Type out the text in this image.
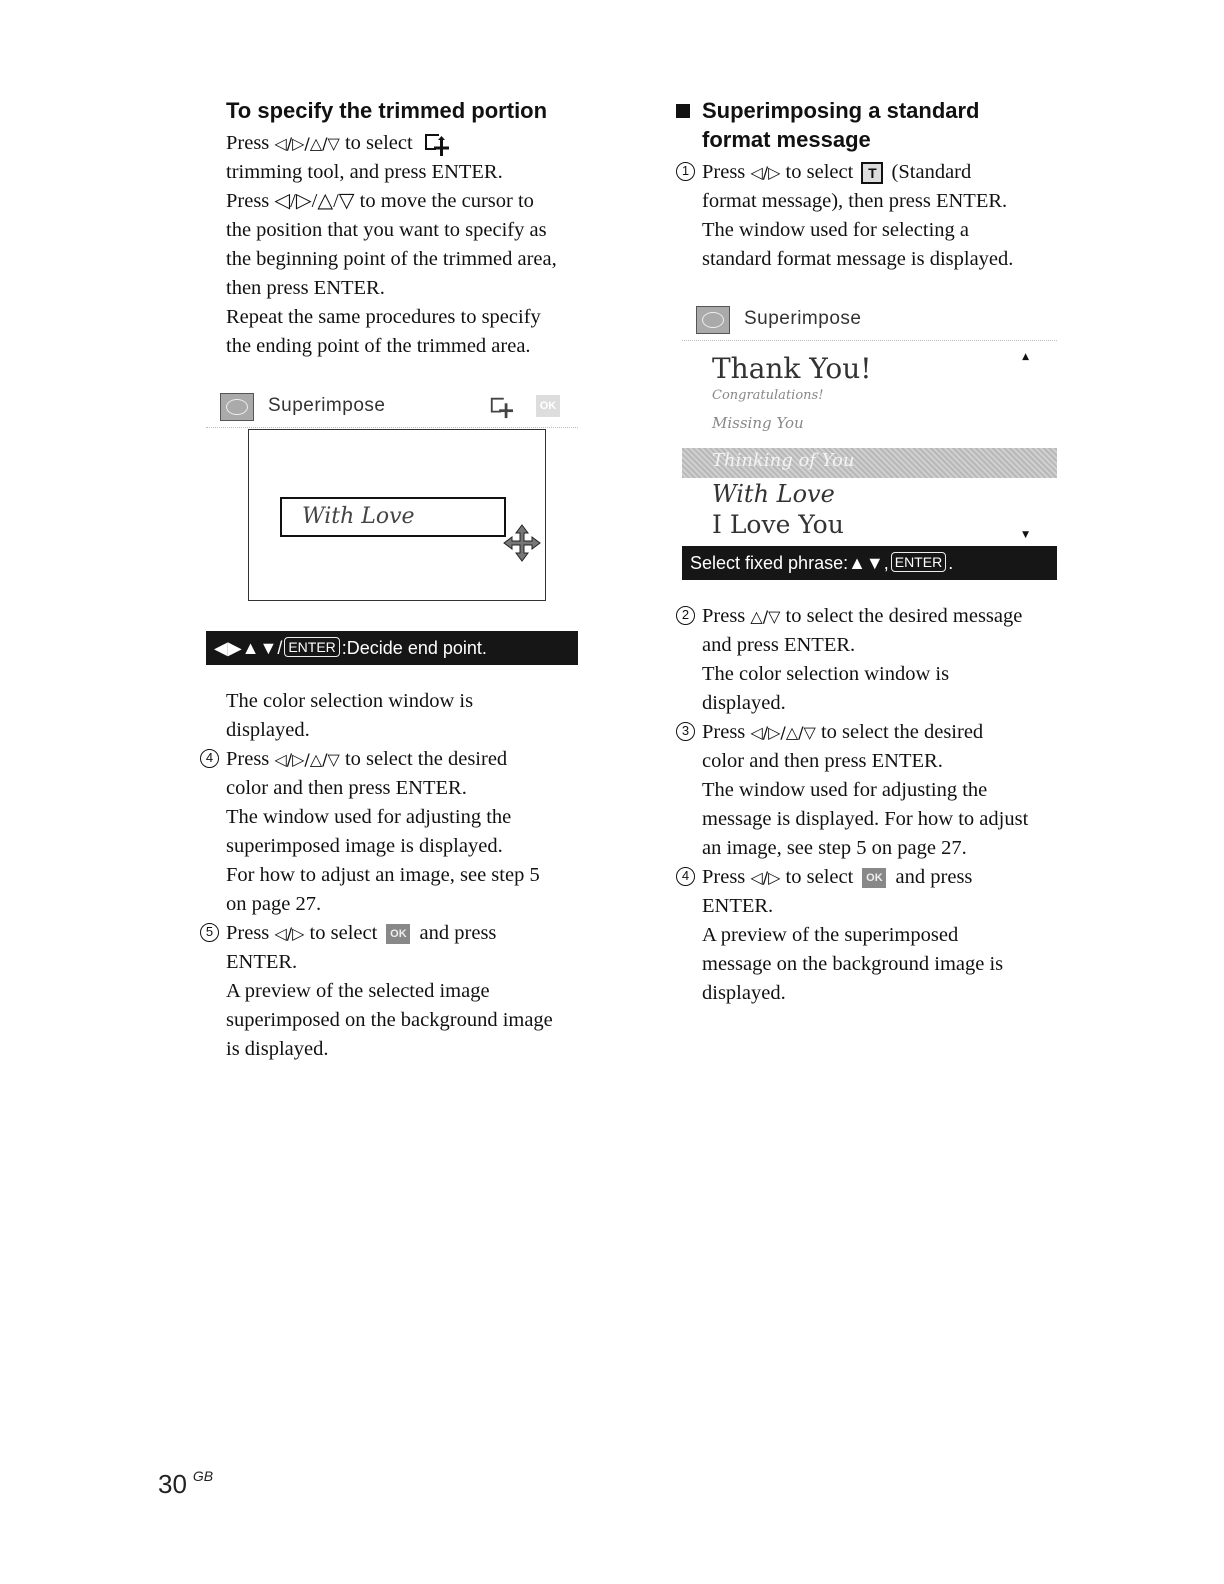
To specify the trimmed portion

Press ◁/▷/△/▽ to select

trimming tool, and press ENTER.

Press ◁/▷/△/▽ to move the cursor to

the position that you want to specify as

the beginning point of the trimmed area,

then press ENTER.

Repeat the same procedures to specify

the ending point of the trimmed area.

Superimpose	OK
With Love
◀▶▲▼/ ENTER :Decide end point.

The color selection window is

displayed.

4 Press ◁/▷/△/▽ to select the desired

color and then press ENTER.

The window used for adjusting the

superimposed image is displayed.

For how to adjust an image, see step 5

on page 27.

5 Press ◁/▷ to select OK and press

ENTER.

A preview of the selected image

superimposed on the background image

is displayed.

Superimposing a standard

format message

1 Press ◁/▷ to select T (Standard

format message), then press ENTER.

The window used for selecting a

standard format message is displayed.

Superimpose
▲
Thank You!
Congratulations!
Missing You
Thinking of You
With Love
I Love You	▼
Select fixed phrase:▲▼, ENTER .

2 Press △/▽ to select the desired message

and press ENTER.

The color selection window is

displayed.

3 Press ◁/▷/△/▽ to select the desired

color and then press ENTER.

The window used for adjusting the

message is displayed. For how to adjust

an image, see step 5 on page 27.

4 Press ◁/▷ to select OK and press

ENTER.

A preview of the superimposed

message on the background image is

displayed.

30 $^{GB}$
